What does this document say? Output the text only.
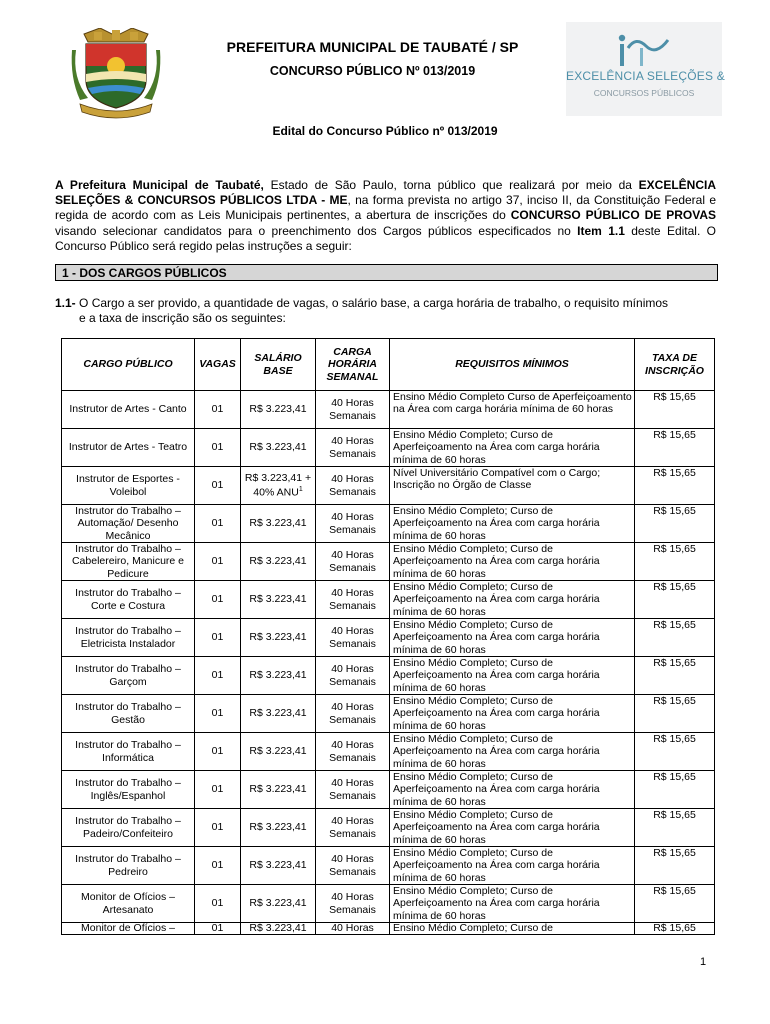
EXCELÊNCIA SELEÇÕES &
CONCURSOS PÚBLICOS
PREFEITURA MUNICIPAL DE TAUBATÉ / SP
CONCURSO PÚBLICO Nº 013/2019
Edital do Concurso Público nº 013/2019
A Prefeitura Municipal de Taubaté, Estado de São Paulo, torna público que realizará por meio da EXCELÊNCIA SELEÇÕES & CONCURSOS PÚBLICOS LTDA - ME, na forma prevista no artigo 37, inciso II, da Constituição Federal e regida de acordo com as Leis Municipais pertinentes, a abertura de inscrições do CONCURSO PÚBLICO DE PROVAS visando selecionar candidatos para o preenchimento dos Cargos públicos especificados no Item 1.1 deste Edital. O Concurso Público será regido pelas instruções a seguir:
1 - DOS CARGOS PÚBLICOS
1.1- O Cargo a ser provido, a quantidade de vagas, o salário base, a carga horária de trabalho, o requisito mínimos
e a taxa de inscrição são os seguintes:
CARGO PÚBLICO	VAGAS	SALÁRIO BASE	CARGA HORÁRIA SEMANAL	REQUISITOS MÍNIMOS	TAXA DE INSCRIÇÃO
Instrutor de Artes - Canto	01	R$ 3.223,41	40 Horas Semanais	Ensino Médio Completo Curso de Aperfeiçoamento na Área com carga horária mínima de 60 horas	R$ 15,65
Instrutor de Artes - Teatro	01	R$ 3.223,41	40 Horas Semanais	Ensino Médio Completo; Curso de Aperfeiçoamento na Área com carga horária mínima de 60 horas	R$ 15,65
Instrutor de Esportes - Voleibol	01	R$ 3.223,41 + 40% ANU$^1$	40 Horas Semanais	Nível Universitário Compatível com o Cargo; Inscrição no Órgão de Classe	R$ 15,65
Instrutor do Trabalho – Automação/ Desenho Mecânico	01	R$ 3.223,41	40 Horas Semanais	Ensino Médio Completo; Curso de Aperfeiçoamento na Área com carga horária mínima de 60 horas	R$ 15,65
Instrutor do Trabalho – Cabelereiro, Manicure e Pedicure	01	R$ 3.223,41	40 Horas Semanais	Ensino Médio Completo; Curso de Aperfeiçoamento na Área com carga horária mínima de 60 horas	R$ 15,65
Instrutor do Trabalho – Corte e Costura	01	R$ 3.223,41	40 Horas Semanais	Ensino Médio Completo; Curso de Aperfeiçoamento na Área com carga horária mínima de 60 horas	R$ 15,65
Instrutor do Trabalho – Eletricista Instalador	01	R$ 3.223,41	40 Horas Semanais	Ensino Médio Completo; Curso de Aperfeiçoamento na Área com carga horária mínima de 60 horas	R$ 15,65
Instrutor do Trabalho – Garçom	01	R$ 3.223,41	40 Horas Semanais	Ensino Médio Completo; Curso de Aperfeiçoamento na Área com carga horária mínima de 60 horas	R$ 15,65
Instrutor do Trabalho – Gestão	01	R$ 3.223,41	40 Horas Semanais	Ensino Médio Completo; Curso de Aperfeiçoamento na Área com carga horária mínima de 60 horas	R$ 15,65
Instrutor do Trabalho – Informática	01	R$ 3.223,41	40 Horas Semanais	Ensino Médio Completo; Curso de Aperfeiçoamento na Área com carga horária mínima de 60 horas	R$ 15,65
Instrutor do Trabalho – Inglês/Espanhol	01	R$ 3.223,41	40 Horas Semanais	Ensino Médio Completo; Curso de Aperfeiçoamento na Área com carga horária mínima de 60 horas	R$ 15,65
Instrutor do Trabalho – Padeiro/Confeiteiro	01	R$ 3.223,41	40 Horas Semanais	Ensino Médio Completo; Curso de Aperfeiçoamento na Área com carga horária mínima de 60 horas	R$ 15,65
Instrutor do Trabalho – Pedreiro	01	R$ 3.223,41	40 Horas Semanais	Ensino Médio Completo; Curso de Aperfeiçoamento na Área com carga horária mínima de 60 horas	R$ 15,65
Monitor de Ofícios – Artesanato	01	R$ 3.223,41	40 Horas Semanais	Ensino Médio Completo; Curso de Aperfeiçoamento na Área com carga horária mínima de 60 horas	R$ 15,65
Monitor de Ofícios –	01	R$ 3.223,41	40 Horas	Ensino Médio Completo; Curso de	R$ 15,65
1
